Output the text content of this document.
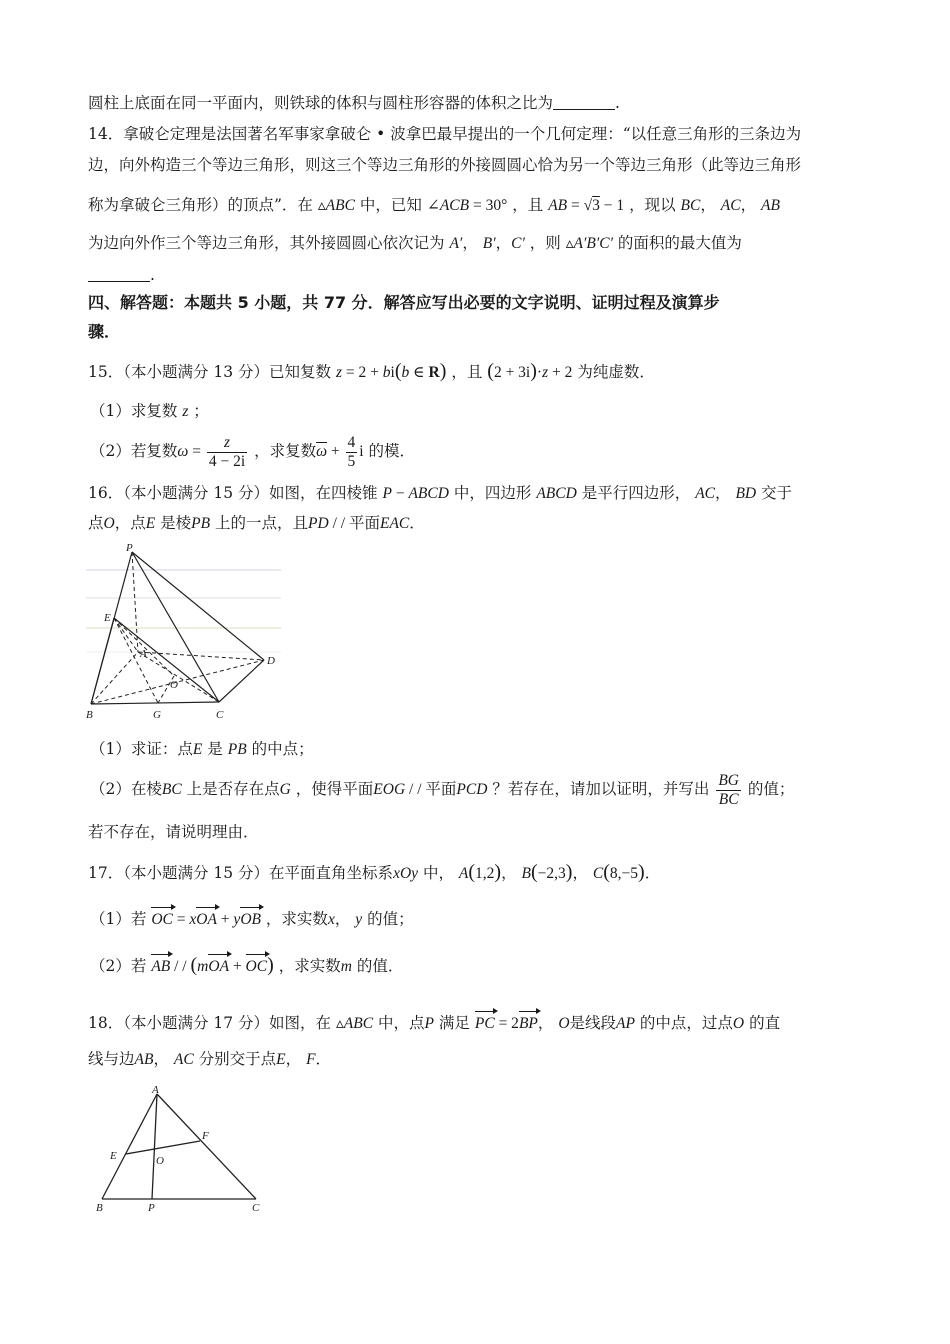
圆柱上底面在同一平面内，则铁球的体积与圆柱形容器的体积之比为	.
14．拿破仑定理是法国著名军事家拿破仑 • 波拿巴最早提出的一个几何定理：“以任意三角形的三条边为
边，向外构造三个等边三角形，则这三个等边三角形的外接圆圆心恰为另一个等边三角形（此等边三角形
称为拿破仑三角形）的顶点”．在 ▵ABC 中，已知 ∠ACB = 30° ，且 AB = √3 − 1 ，现以 BC， AC， AB
为边向外作三个等边三角形，其外接圆圆心依次记为 A′， B′，C′ ，则 ▵A′B′C′ 的面积的最大值为
.
四、解答题：本题共 5 小题，共 77 分．解答应写出必要的文字说明、证明过程及演算步
骤．
15．（本小题满分 13 分）已知复数 z = 2 + bi(b ∈ R) ，且 (2 + 3i)·z + 2 为纯虚数．
（1）求复数 z ；
（2）若复数$\omega = \frac{z}{4 - 2i}$ ，求复数$\overline{\omega} + \frac{4}{5}$ i 的模．
16．（本小题满分 15 分）如图，在四棱锥 P − ABCD 中，四边形 ABCD 是平行四边形， AC， BD 交于
点O，点E 是棱PB 上的一点，且PD / / 平面EAC．
P
E
A
D
O
B	G	C
（1）求证：点E 是 PB 的中点；
（2）在棱BC 上是否存在点G ，使得平面EOG / / 平面PCD ？若存在，请加以证明，并写出 $\frac{BG}{BC}$ 的值；
若不存在，请说明理由．
17．（本小题满分 15 分）在平面直角坐标系xOy 中， A(1,2)， B(−2,3)， C(8,−5)．
（1）若 OC = xOA + yOB ，求实数x， y 的值；
（2）若 AB / / (mOA + OC) ，求实数m 的值．
18．（本小题满分 17 分）如图，在 ▵ABC 中，点P 满足 PC = 2BP， O是线段AP 的中点，过点O 的直
线与边AB， AC 分别交于点E， F．
A
F
E	O
B	P	C
